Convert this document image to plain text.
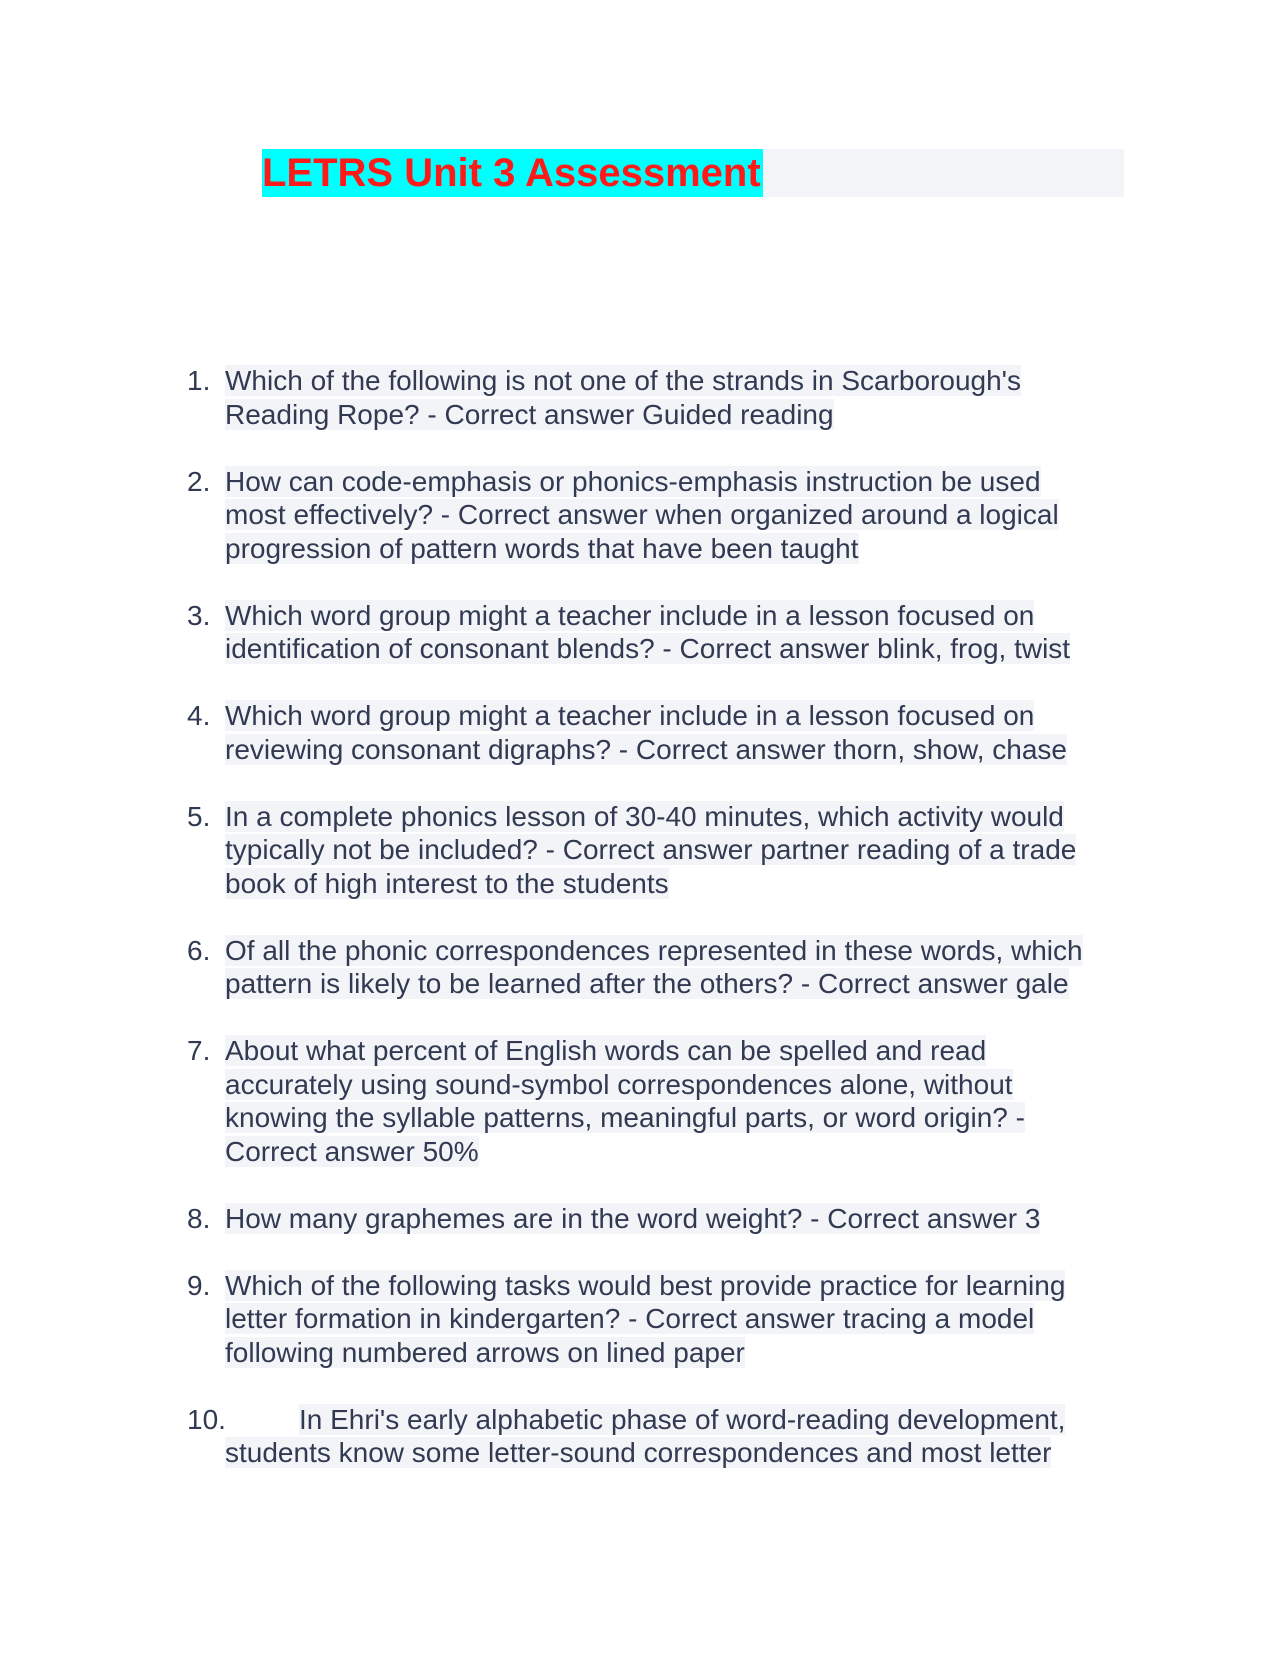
LETRS Unit 3 Assessment
1. Which of the following is not one of the strands in Scarborough's
Reading Rope? - Correct answer Guided reading
2. How can code-emphasis or phonics-emphasis instruction be used
most effectively? - Correct answer when organized around a logical
progression of pattern words that have been taught
3. Which word group might a teacher include in a lesson focused on
identification of consonant blends? - Correct answer blink, frog, twist
4. Which word group might a teacher include in a lesson focused on
reviewing consonant digraphs? - Correct answer thorn, show, chase
5. In a complete phonics lesson of 30-40 minutes, which activity would
typically not be included? - Correct answer partner reading of a trade
book of high interest to the students
6. Of all the phonic correspondences represented in these words, which
pattern is likely to be learned after the others? - Correct answer gale
7. About what percent of English words can be spelled and read
accurately using sound-symbol correspondences alone, without
knowing the syllable patterns, meaningful parts, or word origin? -
Correct answer 50%
8. How many graphemes are in the word weight? - Correct answer 3
9. Which of the following tasks would best provide practice for learning
letter formation in kindergarten? - Correct answer tracing a model
following numbered arrows on lined paper
10.	In Ehri's early alphabetic phase of word-reading development,
students know some letter-sound correspondences and most letter
